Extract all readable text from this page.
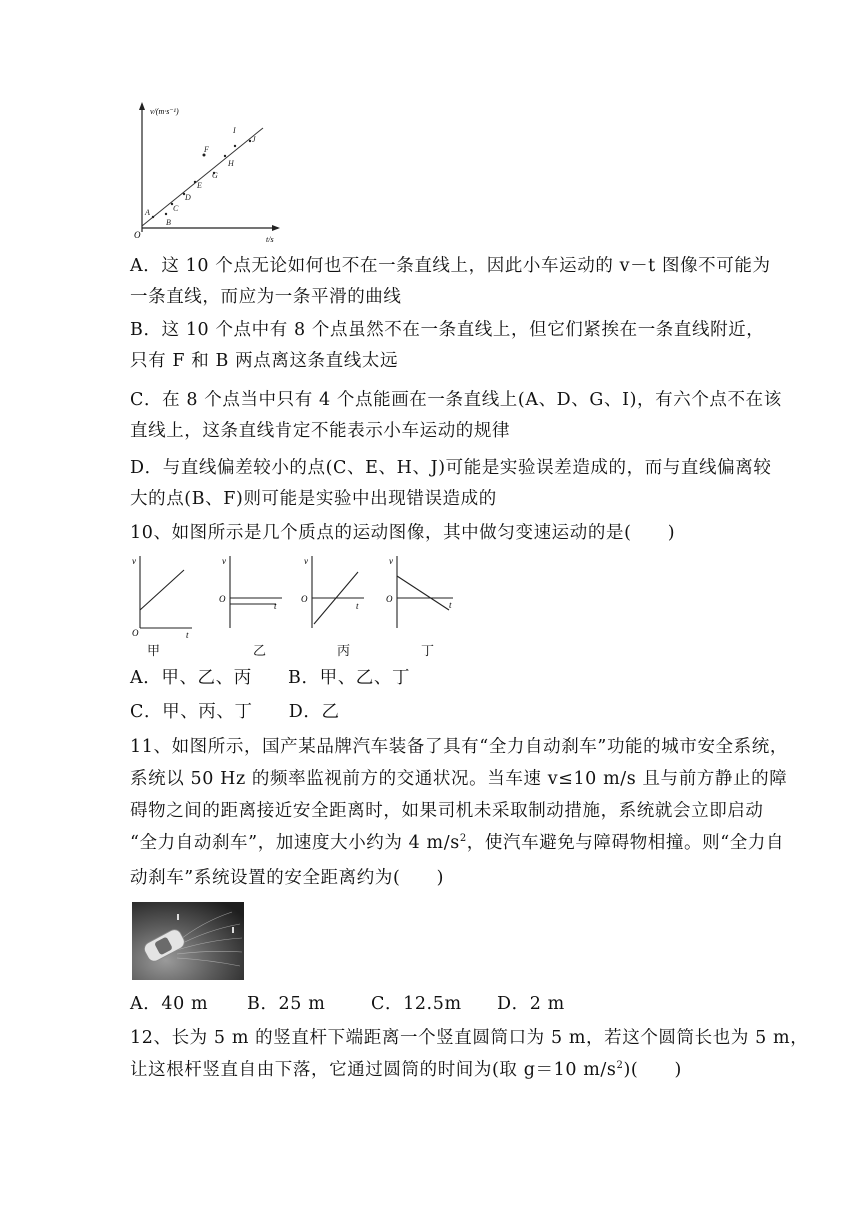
v/(m·s⁻¹)
t/s
O
A
B
C
D
E
F
G
H
I
J
A．这 10 个点无论如何也不在一条直线上，因此小车运动的 v－t 图像不可能为
一条直线，而应为一条平滑的曲线
B．这 10 个点中有 8 个点虽然不在一条直线上，但它们紧挨在一条直线附近，
只有 F 和 B 两点离这条直线太远
C．在 8 个点当中只有 4 个点能画在一条直线上(A、D、G、I)，有六个点不在该
直线上，这条直线肯定不能表示小车运动的规律
D．与直线偏差较小的点(C、E、H、J)可能是实验误差造成的，而与直线偏离较
大的点(B、F)则可能是实验中出现错误造成的
10、如图所示是几个质点的运动图像，其中做匀变速运动的是(　　)
v
t
O
v
t
O
v
t
O
v
t
O
甲	乙	丙	丁
A．甲、乙、丙　　B．甲、乙、丁
C．甲、丙、丁　　D．乙
11、如图所示，国产某品牌汽车装备了具有“全力自动刹车”功能的城市安全系统，
系统以 50 Hz 的频率监视前方的交通状况。当车速 v≤10 m/s 且与前方静止的障
碍物之间的距离接近安全距离时，如果司机未采取制动措施，系统就会立即启动
“全力自动刹车”，加速度大小约为 4 $m/s^2$，使汽车避免与障碍物相撞。则“全力自
动刹车”系统设置的安全距离约为(　　)
A．40 m B．25 m	C．12.5m D．2 m
12、长为 5 m 的竖直杆下端距离一个竖直圆筒口为 5 m，若这个圆筒长也为 5 m，
让这根杆竖直自由下落，它通过圆筒的时间为(取 g＝10 $m/s^2$)(　　)
